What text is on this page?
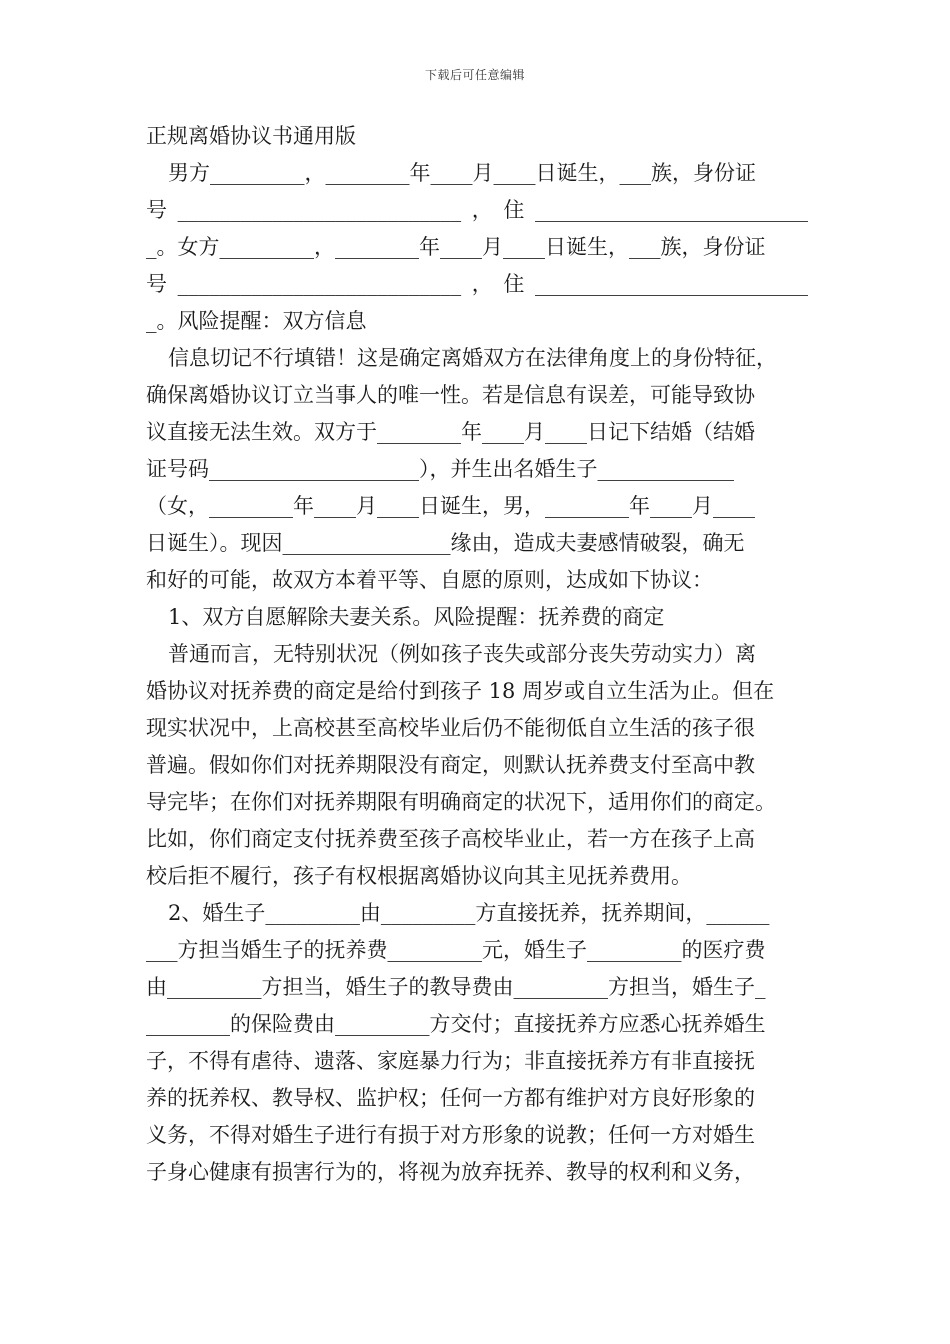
下载后可任意编辑
正规离婚协议书通用版
男方_________，________年____月____日诞生，___族，身份证
号___________________________，住__________________________
_。女方_________，________年____月____日诞生，___族，身份证
号___________________________，住__________________________
_。风险提醒：双方信息
信息切记不行填错！这是确定离婚双方在法律角度上的身份特征，
确保离婚协议订立当事人的唯一性。若是信息有误差，可能导致协
议直接无法生效。双方于________年____月____日记下结婚（结婚
证号码____________________），并生出名婚生子_____________
（女，________年____月____日诞生，男，________年____月____
日诞生）。现因________________缘由，造成夫妻感情破裂，确无
和好的可能，故双方本着平等、自愿的原则，达成如下协议：
1、双方自愿解除夫妻关系。风险提醒：抚养费的商定
普通而言，无特别状况（例如孩子丧失或部分丧失劳动实力）离
婚协议对抚养费的商定是给付到孩子 18 周岁或自立生活为止。但在
现实状况中，上高校甚至高校毕业后仍不能彻低自立生活的孩子很
普遍。假如你们对抚养期限没有商定，则默认抚养费支付至高中教
导完毕；在你们对抚养期限有明确商定的状况下，适用你们的商定。
比如，你们商定支付抚养费至孩子高校毕业止，若一方在孩子上高
校后拒不履行，孩子有权根据离婚协议向其主见抚养费用。
2、婚生子_________由_________方直接抚养，抚养期间，______
___方担当婚生子的抚养费_________元，婚生子_________的医疗费
由_________方担当，婚生子的教导费由_________方担当，婚生子_
________的保险费由_________方交付；直接抚养方应悉心抚养婚生
子，不得有虐待、遗落、家庭暴力行为；非直接抚养方有非直接抚
养的抚养权、教导权、监护权；任何一方都有维护对方良好形象的
义务，不得对婚生子进行有损于对方形象的说教；任何一方对婚生
子身心健康有损害行为的，将视为放弃抚养、教导的权利和义务，
